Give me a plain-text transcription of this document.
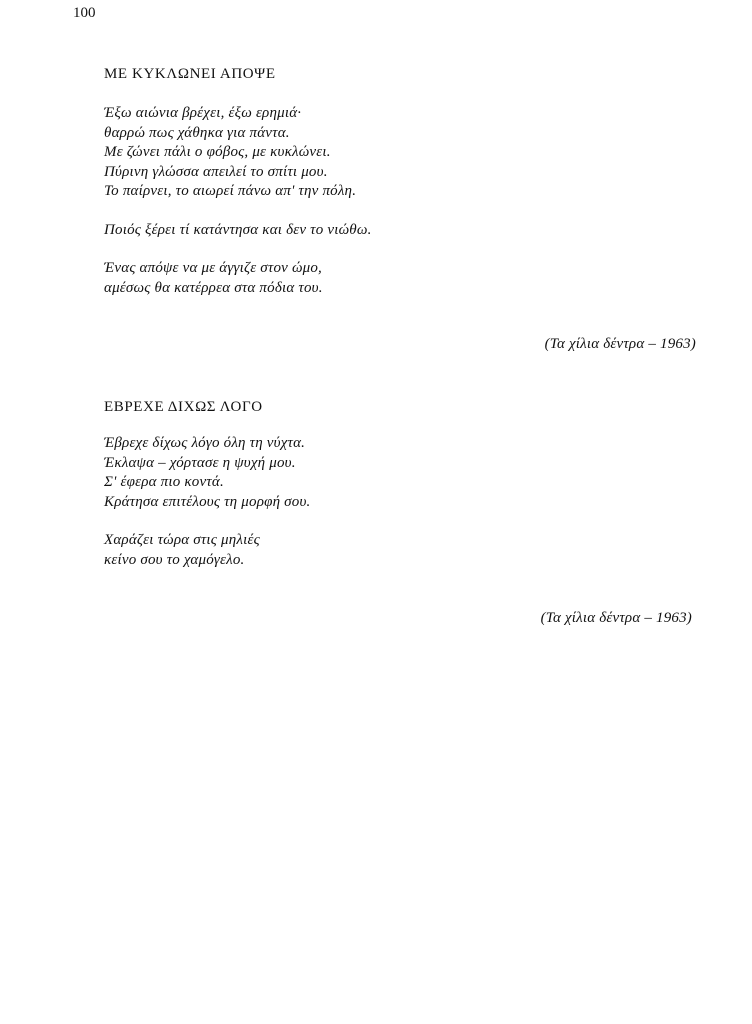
100
ΜΕ ΚΥΚΛΩΝΕΙ ΑΠΟΨΕ

Έξω αιώνια βρέχει, έξω ερημιά·
θαρρώ πως χάθηκα για πάντα.
Με ζώνει πάλι ο φόβος, με κυκλώνει.
Πύρινη γλώσσα απειλεί το σπίτι μου.
Το παίρνει, το αιωρεί πάνω απ' την πόλη.

Ποιός ξέρει τί κατάντησα και δεν το νιώθω.

Ένας απόψε να με άγγιζε στον ώμο,
αμέσως θα κατέρρεα στα πόδια του.

(Τα χίλια δέντρα – 1963)
ΕΒΡΕΧΕ ΔΙΧΩΣ ΛΟΓΟ

Έβρεχε δίχως λόγο όλη τη νύχτα.
Έκλαψα – χόρτασε η ψυχή μου.
Σ' έφερα πιο κοντά.
Κράτησα επιτέλους τη μορφή σου.

Χαράζει τώρα στις μηλιές
κείνο σου το χαμόγελο.

(Τα χίλια δέντρα – 1963)
